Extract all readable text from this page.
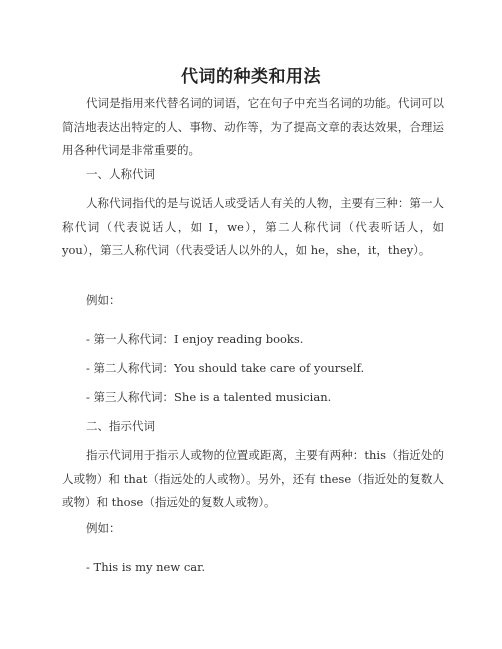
代词的种类和用法

代词是指用来代替名词的词语，它在句子中充当名词的功能。代词可以简洁地表达出特定的人、事物、动作等，为了提高文章的表达效果，合理运用各种代词是非常重要的。

一、人称代词

人称代词指代的是与说话人或受话人有关的人物，主要有三种：第一人称代词（代表说话人，如 I，we），第二人称代词（代表听话人，如 you），第三人称代词（代表受话人以外的人，如 he，she，it，they）。

例如：

- 第一人称代词：I enjoy reading books.

- 第二人称代词：You should take care of yourself.

- 第三人称代词：She is a talented musician.

二、指示代词

指示代词用于指示人或物的位置或距离，主要有两种：this（指近处的人或物）和 that（指远处的人或物）。另外，还有 these（指近处的复数人或物）和 those（指远处的复数人或物）。

例如：

- This is my new car.
